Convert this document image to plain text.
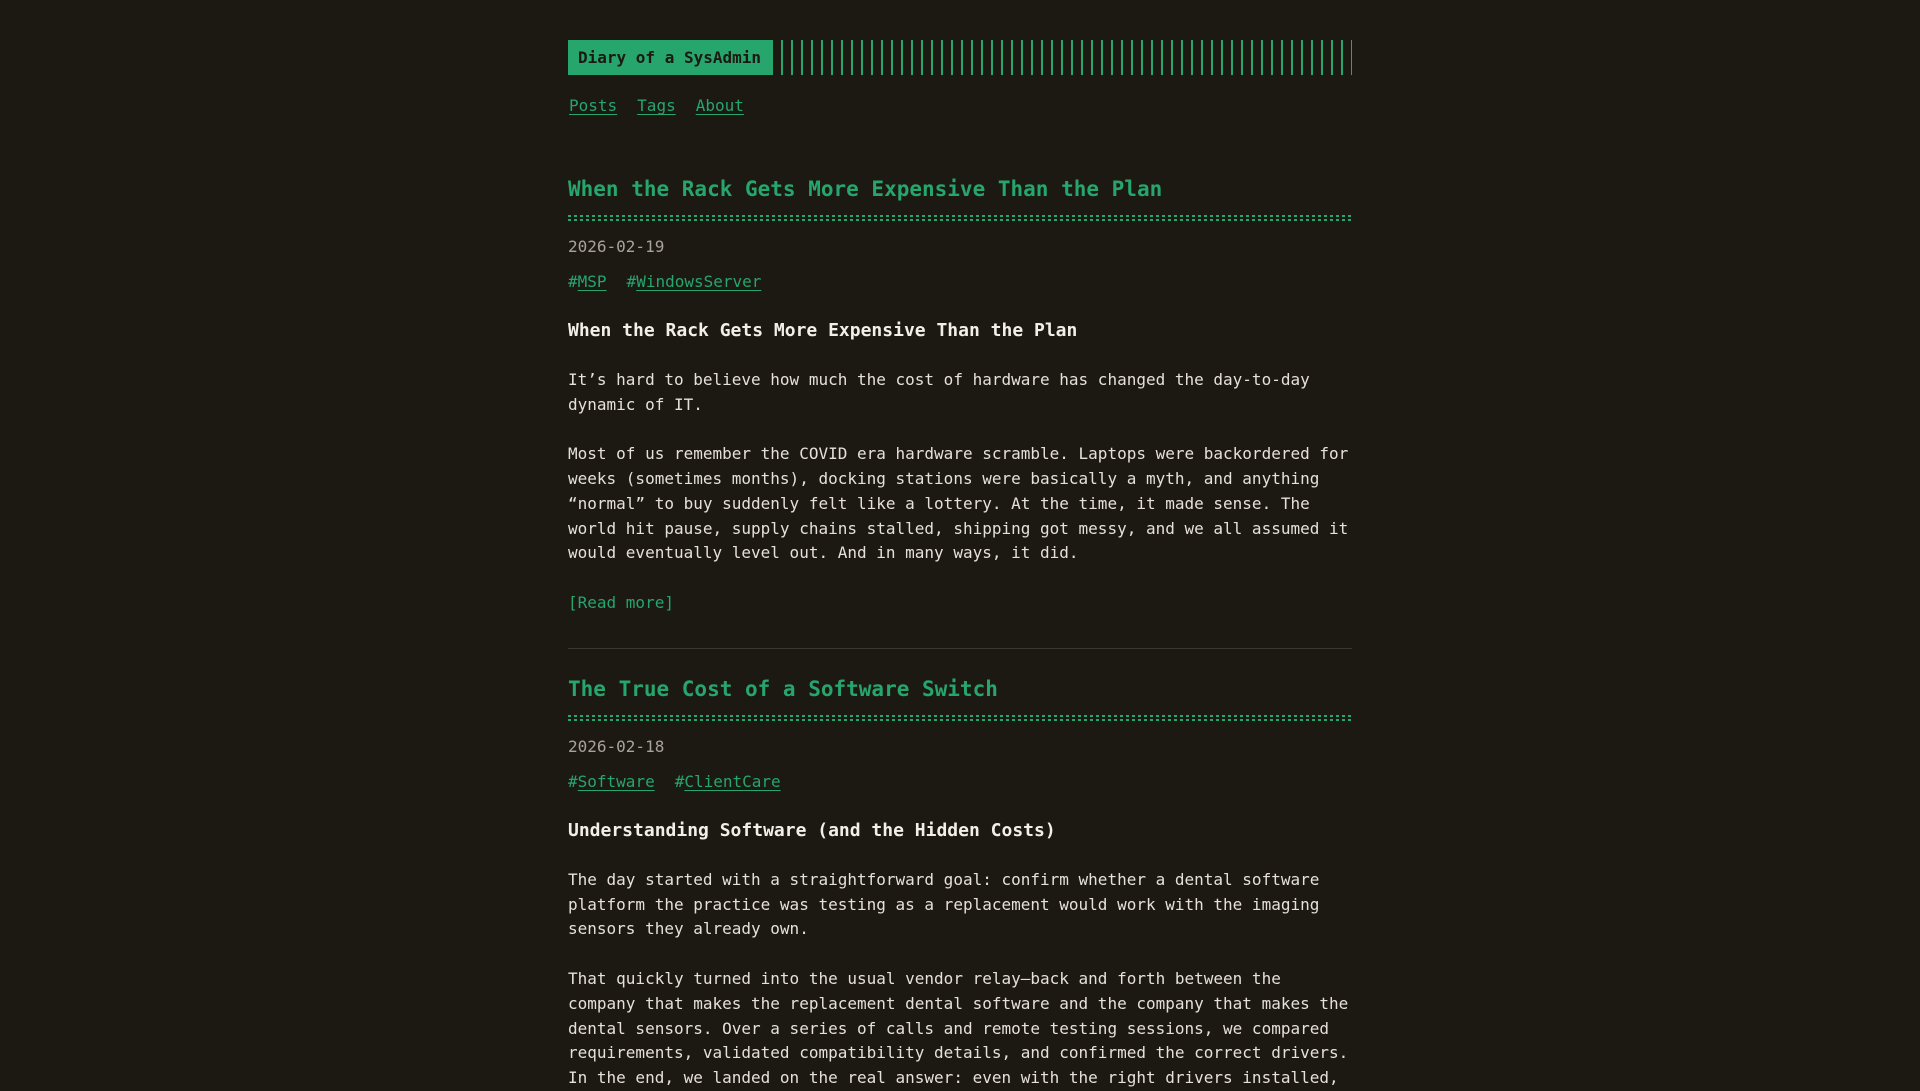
Diary of a SysAdmin
Posts Tags About
When the Rack Gets More Expensive Than the Plan
2026-02-19
#MSP #WindowsServer
When the Rack Gets More Expensive Than the Plan

It’s hard to believe how much the cost of hardware has changed the day-to-day dynamic of IT.

Most of us remember the COVID era hardware scramble. Laptops were backordered for weeks (sometimes months), docking stations were basically a myth, and anything “normal” to buy suddenly felt like a lottery. At the time, it made sense. The world hit pause, supply chains stalled, shipping got messy, and we all assumed it would eventually level out. And in many ways, it did.

[Read more]
The True Cost of a Software Switch
2026-02-18
#Software #ClientCare
Understanding Software (and the Hidden Costs)

The day started with a straightforward goal: confirm whether a dental software platform the practice was testing as a replacement would work with the imaging sensors they already own.

That quickly turned into the usual vendor relay—back and forth between the company that makes the replacement dental software and the company that makes the dental sensors. Over a series of calls and remote testing sessions, we compared requirements, validated compatibility details, and confirmed the correct drivers. In the end, we landed on the real answer: even with the right drivers installed,
